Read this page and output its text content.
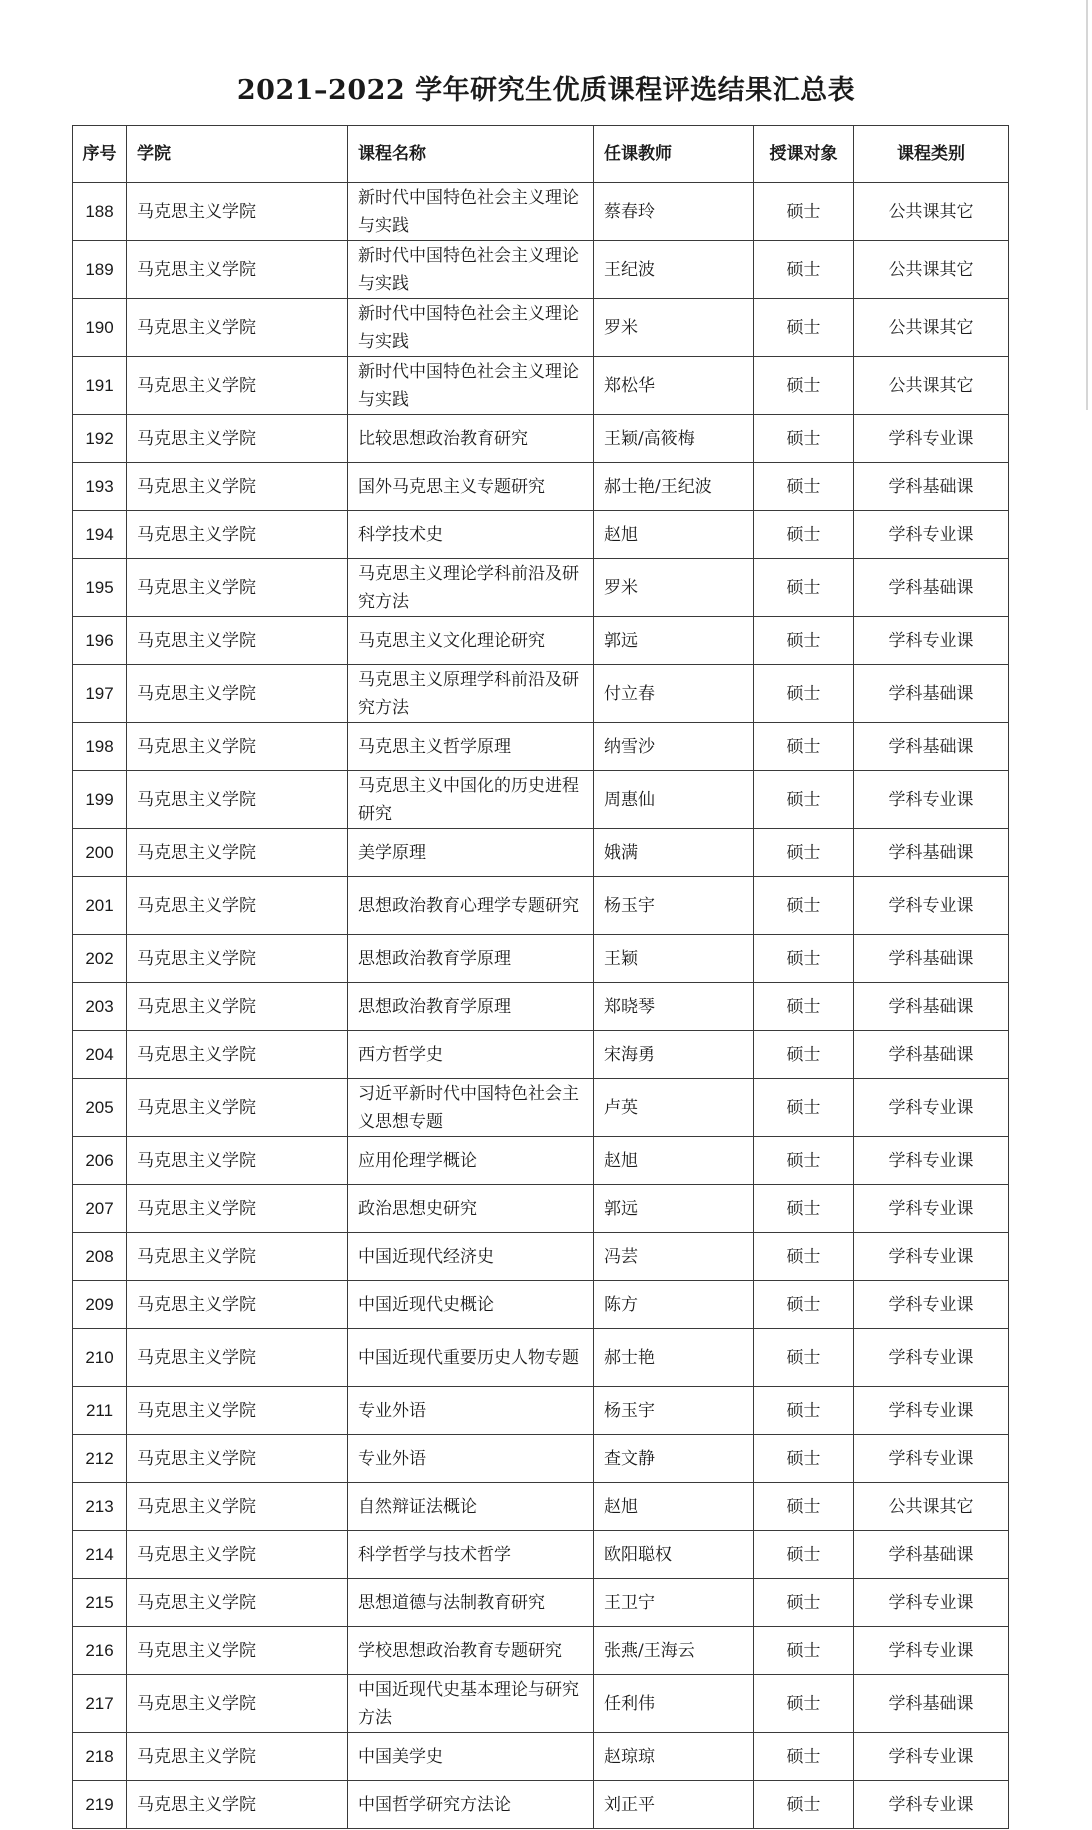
2021–2022 学年研究生优质课程评选结果汇总表
序号	学院	课程名称	任课教师	授课对象	课程类别
188	马克思主义学院	新时代中国特色社会主义理论与实践	蔡春玲	硕士	公共课其它
189	马克思主义学院	新时代中国特色社会主义理论与实践	王纪波	硕士	公共课其它
190	马克思主义学院	新时代中国特色社会主义理论与实践	罗米	硕士	公共课其它
191	马克思主义学院	新时代中国特色社会主义理论与实践	郑松华	硕士	公共课其它
192	马克思主义学院	比较思想政治教育研究	王颖/高筱梅	硕士	学科专业课
193	马克思主义学院	国外马克思主义专题研究	郝士艳/王纪波	硕士	学科基础课
194	马克思主义学院	科学技术史	赵旭	硕士	学科专业课
195	马克思主义学院	马克思主义理论学科前沿及研究方法	罗米	硕士	学科基础课
196	马克思主义学院	马克思主义文化理论研究	郭远	硕士	学科专业课
197	马克思主义学院	马克思主义原理学科前沿及研究方法	付立春	硕士	学科基础课
198	马克思主义学院	马克思主义哲学原理	纳雪沙	硕士	学科基础课
199	马克思主义学院	马克思主义中国化的历史进程研究	周惠仙	硕士	学科专业课
200	马克思主义学院	美学原理	娥满	硕士	学科基础课
201	马克思主义学院	思想政治教育心理学专题研究	杨玉宇	硕士	学科专业课
202	马克思主义学院	思想政治教育学原理	王颖	硕士	学科基础课
203	马克思主义学院	思想政治教育学原理	郑晓琴	硕士	学科基础课
204	马克思主义学院	西方哲学史	宋海勇	硕士	学科基础课
205	马克思主义学院	习近平新时代中国特色社会主义思想专题	卢英	硕士	学科专业课
206	马克思主义学院	应用伦理学概论	赵旭	硕士	学科专业课
207	马克思主义学院	政治思想史研究	郭远	硕士	学科专业课
208	马克思主义学院	中国近现代经济史	冯芸	硕士	学科专业课
209	马克思主义学院	中国近现代史概论	陈方	硕士	学科专业课
210	马克思主义学院	中国近现代重要历史人物专题	郝士艳	硕士	学科专业课
211	马克思主义学院	专业外语	杨玉宇	硕士	学科专业课
212	马克思主义学院	专业外语	查文静	硕士	学科专业课
213	马克思主义学院	自然辩证法概论	赵旭	硕士	公共课其它
214	马克思主义学院	科学哲学与技术哲学	欧阳聪权	硕士	学科基础课
215	马克思主义学院	思想道德与法制教育研究	王卫宁	硕士	学科专业课
216	马克思主义学院	学校思想政治教育专题研究	张燕/王海云	硕士	学科专业课
217	马克思主义学院	中国近现代史基本理论与研究方法	任利伟	硕士	学科基础课
218	马克思主义学院	中国美学史	赵琼琼	硕士	学科专业课
219	马克思主义学院	中国哲学研究方法论	刘正平	硕士	学科专业课
